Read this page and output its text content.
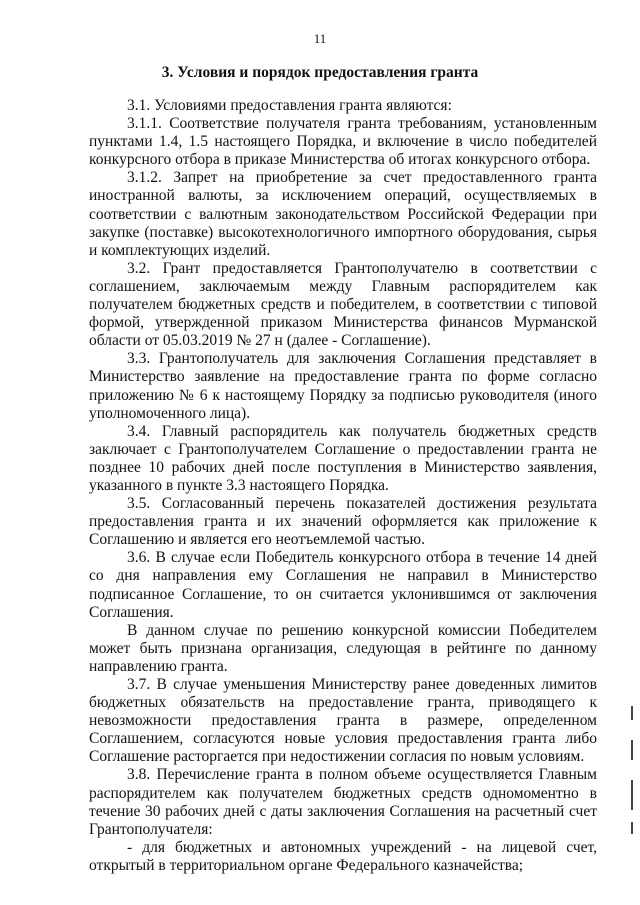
11
3. Условия и порядок предоставления гранта

3.1. Условиями предоставления гранта являются:

3.1.1. Соответствие получателя гранта требованиям, установленным пунктами 1.4, 1.5 настоящего Порядка, и включение в число победителей конкурсного отбора в приказе Министерства об итогах конкурсного отбора.

3.1.2. Запрет на приобретение за счет предоставленного гранта иностранной валюты, за исключением операций, осуществляемых в соответствии с валютным законодательством Российской Федерации при закупке (поставке) высокотехнологичного импортного оборудования, сырья и комплектующих изделий.

3.2. Грант предоставляется Грантополучателю в соответствии с соглашением, заключаемым между Главным распорядителем как получателем бюджетных средств и победителем, в соответствии с типовой формой, утвержденной приказом Министерства финансов Мурманской области от 05.03.2019 № 27 н (далее - Соглашение).

3.3. Грантополучатель для заключения Соглашения представляет в Министерство заявление на предоставление гранта по форме согласно приложению № 6 к настоящему Порядку за подписью руководителя (иного уполномоченного лица).

3.4. Главный распорядитель как получатель бюджетных средств заключает с Грантополучателем Соглашение о предоставлении гранта не позднее 10 рабочих дней после поступления в Министерство заявления, указанного в пункте 3.3 настоящего Порядка.

3.5. Согласованный перечень показателей достижения результата предоставления гранта и их значений оформляется как приложение к Соглашению и является его неотъемлемой частью.

3.6. В случае если Победитель конкурсного отбора в течение 14 дней со дня направления ему Соглашения не направил в Министерство подписанное Соглашение, то он считается уклонившимся от заключения Соглашения.

В данном случае по решению конкурсной комиссии Победителем может быть признана организация, следующая в рейтинге по данному направлению гранта.

3.7. В случае уменьшения Министерству ранее доведенных лимитов бюджетных обязательств на предоставление гранта, приводящего к невозможности предоставления гранта в размере, определенном Соглашением, согласуются новые условия предоставления гранта либо Соглашение расторгается при недостижении согласия по новым условиям.

3.8. Перечисление гранта в полном объеме осуществляется Главным распорядителем как получателем бюджетных средств одномоментно в течение 30 рабочих дней с даты заключения Соглашения на расчетный счет Грантополучателя:

- для бюджетных и автономных учреждений - на лицевой счет, открытый в территориальном органе Федерального казначейства;
